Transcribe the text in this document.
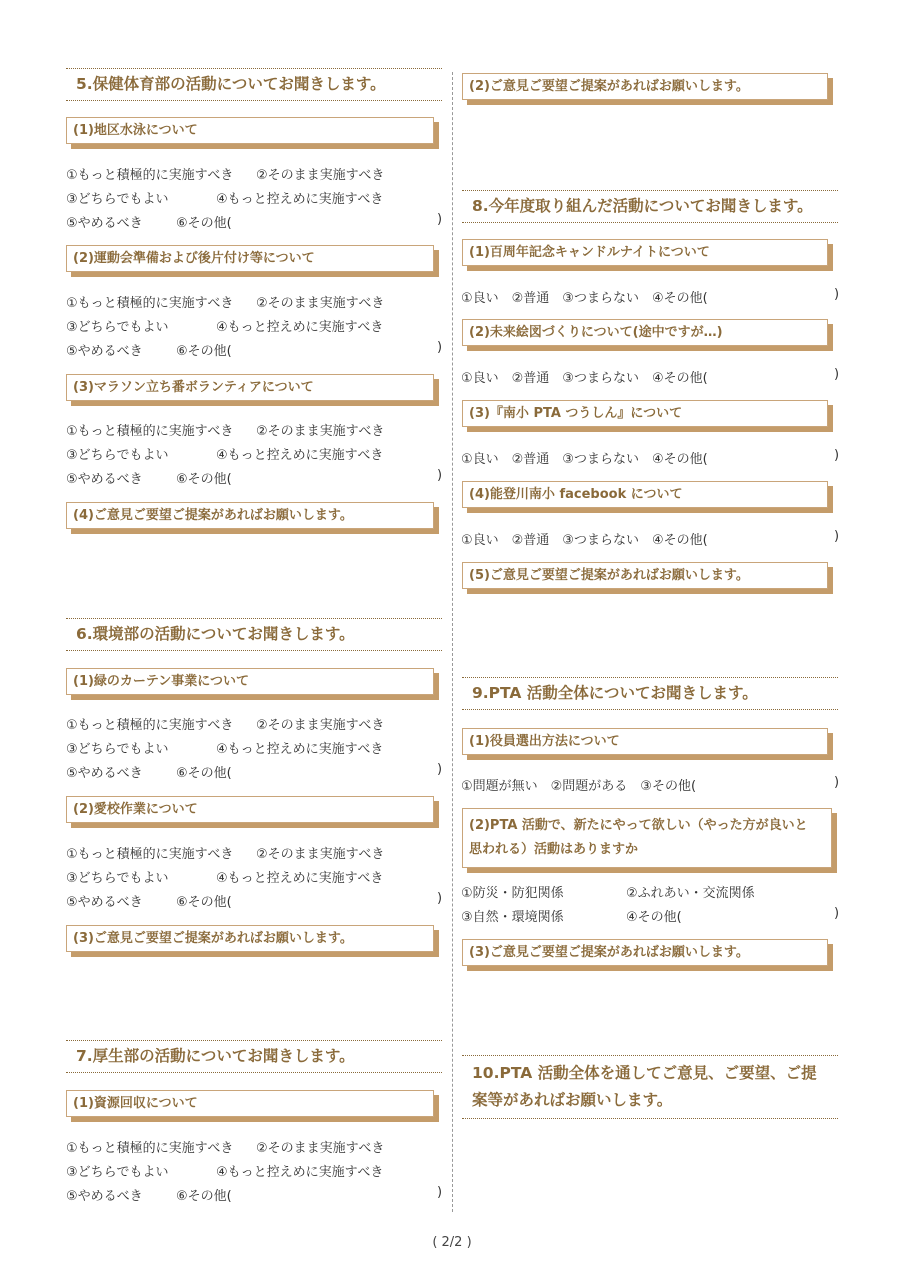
5.保健体育部の活動についてお聞きします。
(1)地区水泳について
①もっと積極的に実施すべき ②そのまま実施すべき
③どちらでもよい	④もっと控えめに実施すべき
⑤やめるべき	⑥その他(	)
(2)運動会準備および後片付け等について
①もっと積極的に実施すべき ②そのまま実施すべき
③どちらでもよい	④もっと控えめに実施すべき
⑤やめるべき	⑥その他(	)
(3)マラソン立ち番ボランティアについて
①もっと積極的に実施すべき ②そのまま実施すべき
③どちらでもよい	④もっと控えめに実施すべき
⑤やめるべき	⑥その他(	)
(4)ご意見ご要望ご提案があればお願いします。
6.環境部の活動についてお聞きします。
(1)緑のカーテン事業について
①もっと積極的に実施すべき ②そのまま実施すべき
③どちらでもよい	④もっと控えめに実施すべき
⑤やめるべき	⑥その他(	)
(2)愛校作業について
①もっと積極的に実施すべき ②そのまま実施すべき
③どちらでもよい	④もっと控えめに実施すべき
⑤やめるべき	⑥その他(	)
(3)ご意見ご要望ご提案があればお願いします。
7.厚生部の活動についてお聞きします。
(1)資源回収について
①もっと積極的に実施すべき ②そのまま実施すべき
③どちらでもよい	④もっと控えめに実施すべき
⑤やめるべき	⑥その他(	)
(2)ご意見ご要望ご提案があればお願いします。
8.今年度取り組んだ活動についてお聞きします。
(1)百周年記念キャンドルナイトについて
①良い　②普通　③つまらない　④その他(	)
(2)未来絵図づくりについて(途中ですが…)
①良い　②普通　③つまらない　④その他(	)
(3)『南小 PTA つうしん』について
①良い　②普通　③つまらない　④その他(	)
(4)能登川南小 facebook について
①良い　②普通　③つまらない　④その他(	)
(5)ご意見ご要望ご提案があればお願いします。
9.PTA 活動全体についてお聞きします。
(1)役員選出方法について
①問題が無い　②問題がある　③その他(	)
(2)PTA 活動で、新たにやって欲しい（やった方が良いと
思われる）活動はありますか
①防災・防犯関係	②ふれあい・交流関係
③自然・環境関係	④その他(	)
(3)ご意見ご要望ご提案があればお願いします。
10.PTA 活動全体を通してご意見、ご要望、ご提
案等があればお願いします。
( 2/2 )
